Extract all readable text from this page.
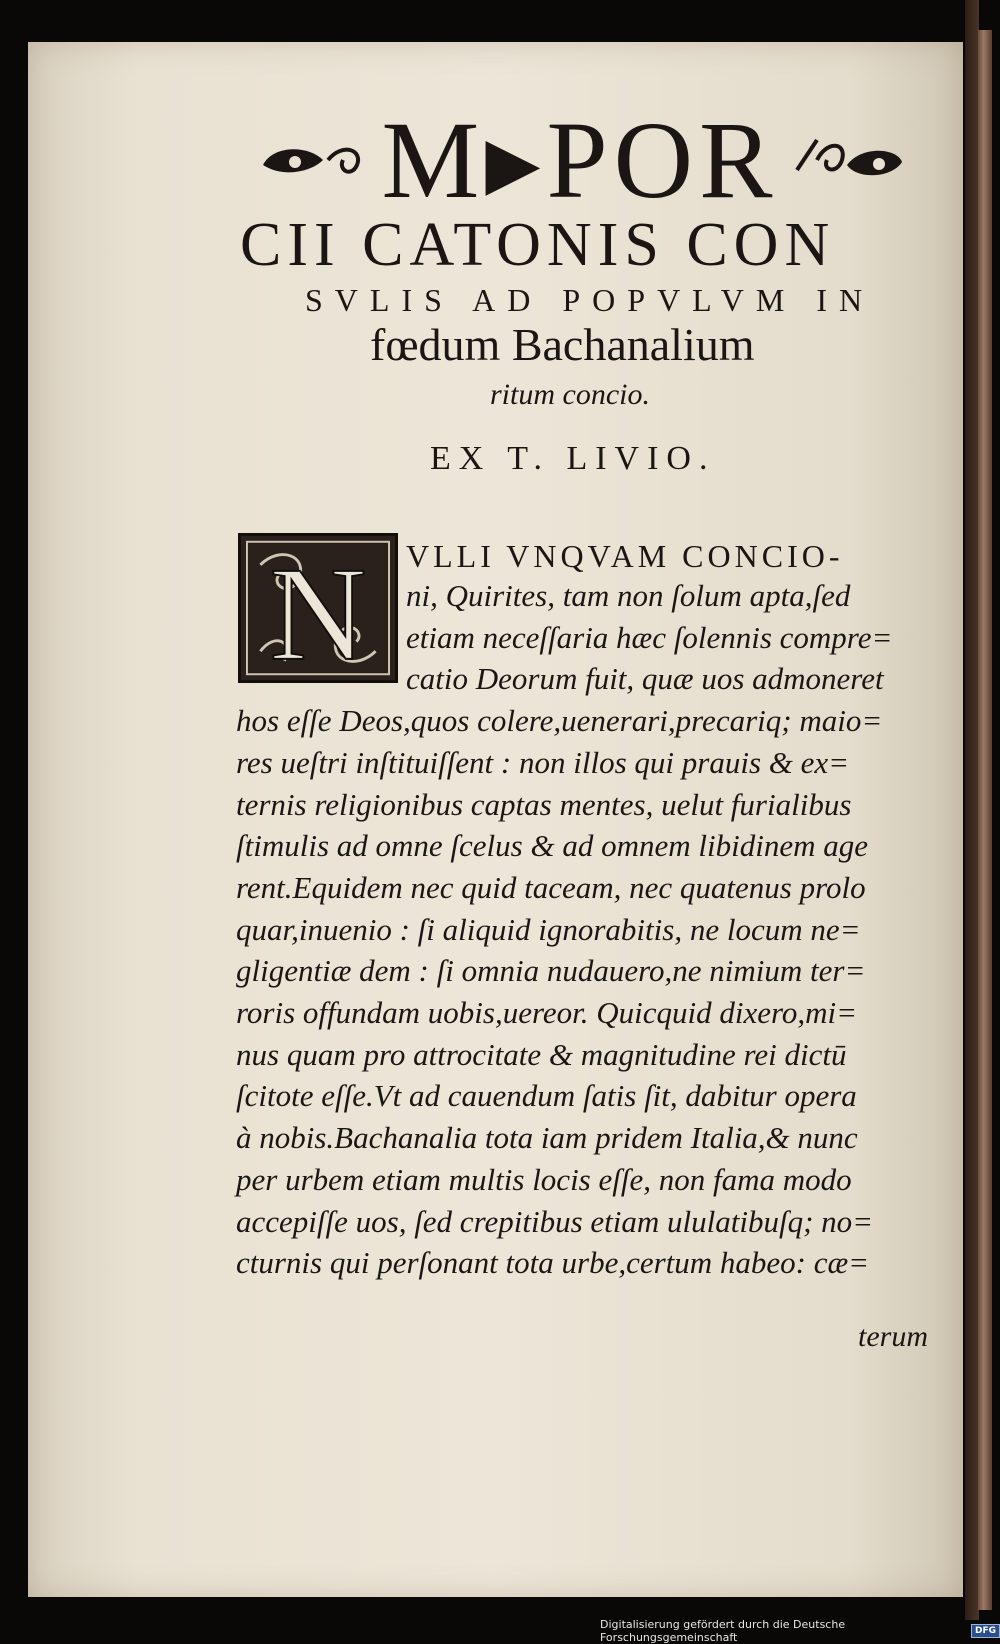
M▸POR
CII CATONIS CON
SVLIS AD POPVLVM IN
fœdum Bachanalium
ritum concio.
EX T. LIVIO.
N VLLI VNQVAM CONCIO-
ni, Quirites, tam non ſolum apta,ſed
etiam neceſſaria hæc ſolennis compre=
catio Deorum fuit, quæ uos admoneret
hos eſſe Deos,quos colere,uenerari,precariq; maio=
res ueſtri inſtituiſſent : non illos qui prauis & ex=
ternis religionibus captas mentes, uelut furialibus
ſtimulis ad omne ſcelus & ad omnem libidinem age
rent.Equidem nec quid taceam, nec quatenus prolo
quar,inuenio : ſi aliquid ignorabitis, ne locum ne=
gligentiæ dem : ſi omnia nudauero,ne nimium ter=
roris offundam uobis,uereor. Quicquid dixero,mi=
nus quam pro attrocitate & magnitudine rei dictū
ſcitote eſſe.Vt ad cauendum ſatis ſit, dabitur opera
à nobis.Bachanalia tota iam pridem Italia,& nunc
per urbem etiam multis locis eſſe, non fama modo
accepiſſe uos, ſed crepitibus etiam ululatibuſq; no=
cturnis qui perſonant tota urbe,certum habeo: cæ=
terum
Digitalisierung gefördert durch die Deutsche Forschungsgemeinschaft	DFG
